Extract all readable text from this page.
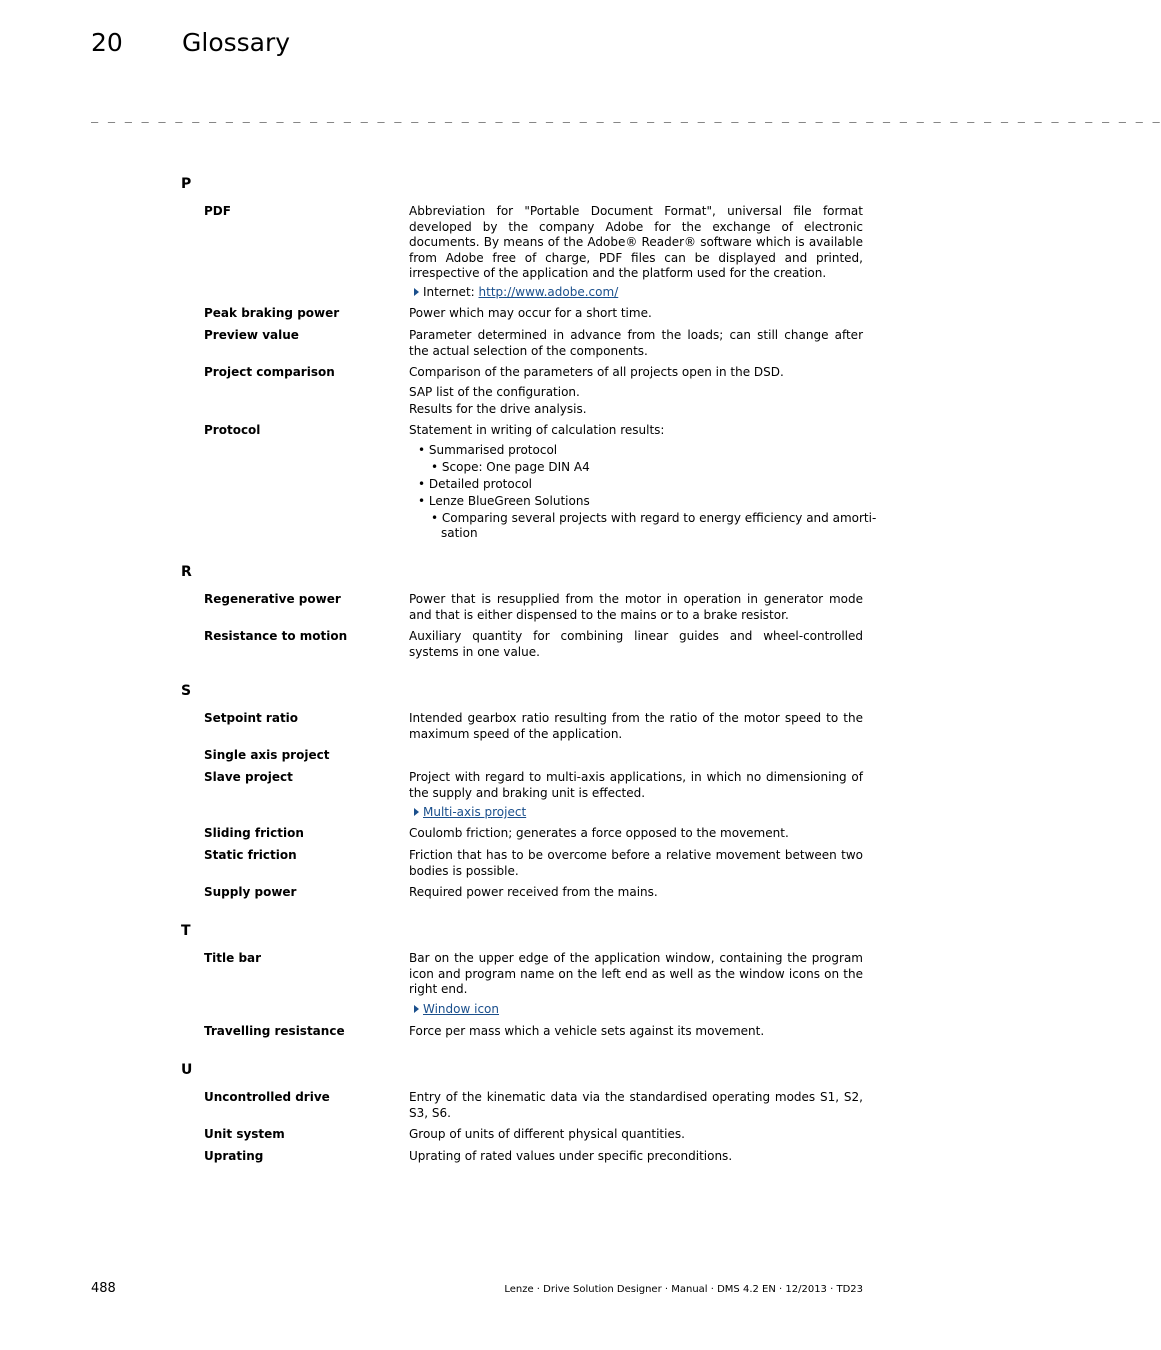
20 Glossary
_ _ _ _ _ _ _ _ _ _ _ _ _ _ _ _ _ _ _ _ _ _ _ _ _ _ _ _ _ _ _ _ _ _ _ _ _ _ _ _ _ _ _ _ _ _ _ _ _ _ _ _ _ _ _ _ _ _ _ _ _ _ _ _
P
PDF	Abbreviation for "Portable Document Format", universal file format developed by the company Adobe for the exchange of electronic documents. By means of the Adobe® Reader® software which is available from Adobe free of charge, PDF files can be displayed and printed, irrespective of the application and the platform used for the creation.

Internet: http://www.adobe.com/
Peak braking power	Power which may occur for a short time.

Preview value	Parameter determined in advance from the loads; can still change after the actual selection of the components.

Project comparison	Comparison of the parameters of all projects open in the DSD.

SAP list of the configuration.
Results for the drive analysis.
Protocol	Statement in writing of calculation results:

• Summarised protocol
• Scope: One page DIN A4
• Detailed protocol
• Lenze BlueGreen Solutions
• Comparing several projects with regard to energy efficiency and amorti-
sation
R
Regenerative power	Power that is resupplied from the motor in operation in generator mode and that is either dispensed to the mains or to a brake resistor.

Resistance to motion	Auxiliary quantity for combining linear guides and wheel-controlled systems in one value.

S
Setpoint ratio	Intended gearbox ratio resulting from the ratio of the motor speed to the maximum speed of the application.

Single axis project
Slave project	Project with regard to multi-axis applications, in which no dimensioning of the supply and braking unit is effected.

Multi-axis project
Sliding friction	Coulomb friction; generates a force opposed to the movement.

Static friction	Friction that has to be overcome before a relative movement between two bodies is possible.

Supply power	Required power received from the mains.

T
Title bar	Bar on the upper edge of the application window, containing the program icon and program name on the left end as well as the window icons on the right end.

Window icon
Travelling resistance	Force per mass which a vehicle sets against its movement.

U
Uncontrolled drive	Entry of the kinematic data via the standardised operating modes S1, S2, S3, S6.

Unit system	Group of units of different physical quantities.

Uprating	Uprating of rated values under specific preconditions.

488	Lenze · Drive Solution Designer · Manual · DMS 4.2 EN · 12/2013 · TD23
